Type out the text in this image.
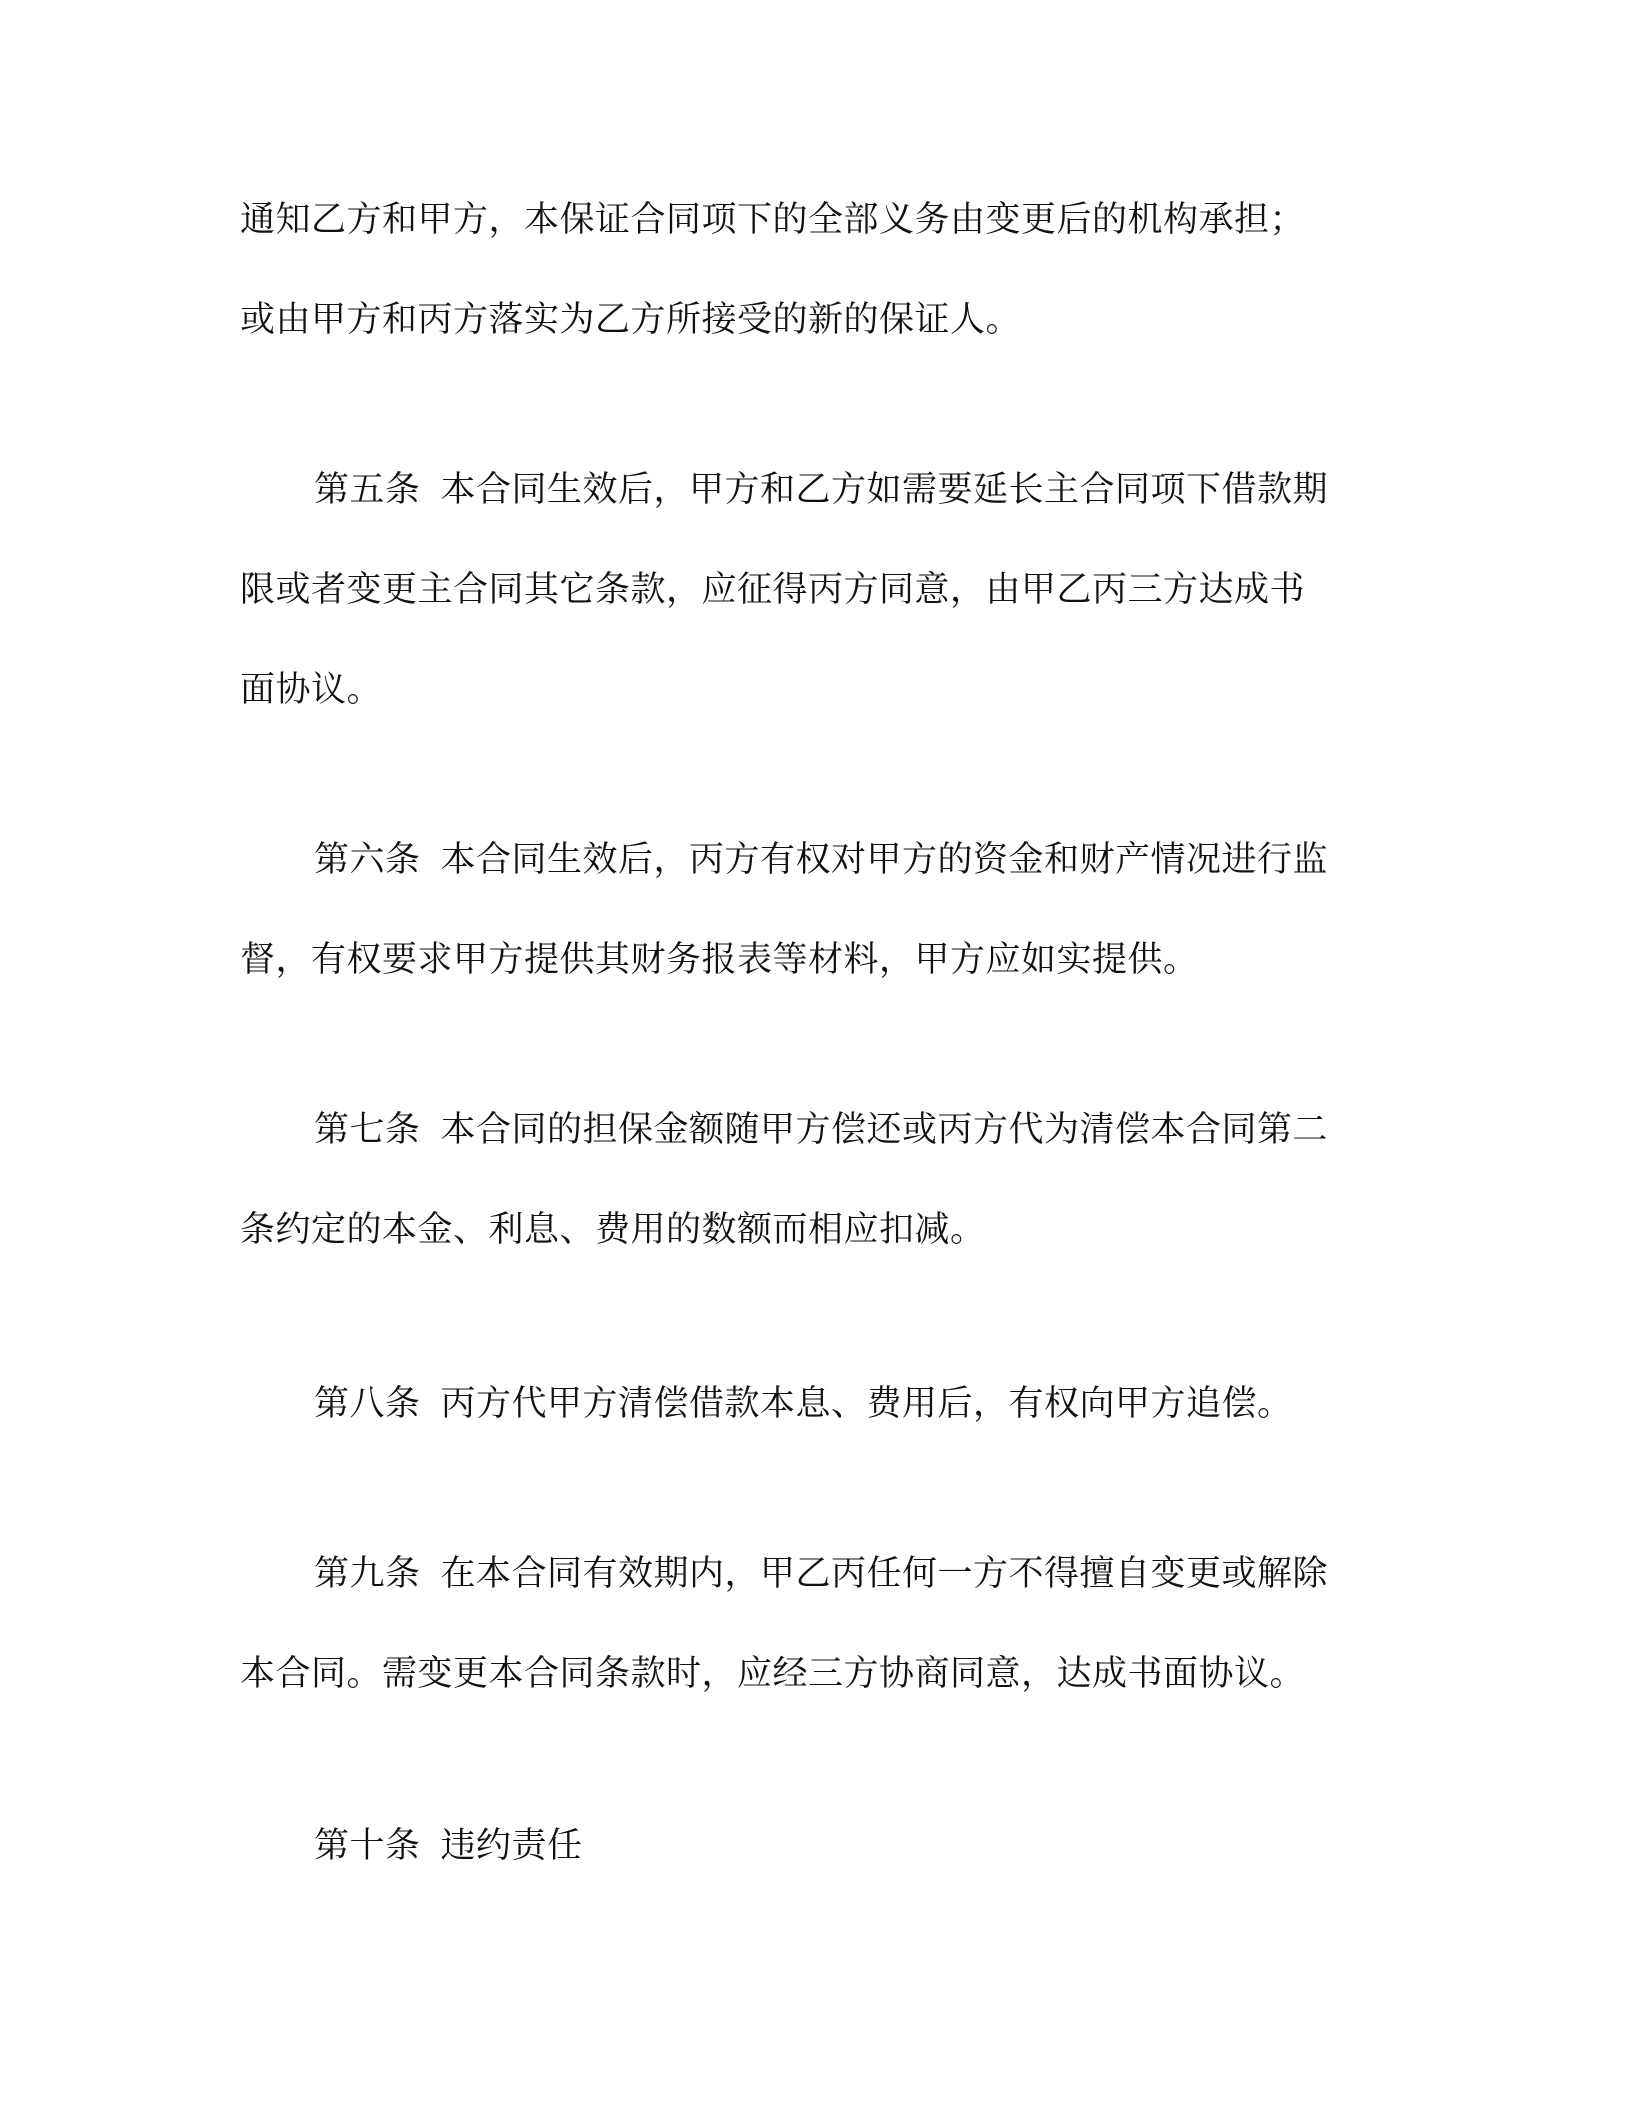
通知乙方和甲方，本保证合同项下的全部义务由变更后的机构承担；
或由甲方和丙方落实为乙方所接受的新的保证人。
第五条 本合同生效后，甲方和乙方如需要延长主合同项下借款期
限或者变更主合同其它条款，应征得丙方同意，由甲乙丙三方达成书
面协议。
第六条 本合同生效后，丙方有权对甲方的资金和财产情况进行监
督，有权要求甲方提供其财务报表等材料，甲方应如实提供。
第七条 本合同的担保金额随甲方偿还或丙方代为清偿本合同第二
条约定的本金、利息、费用的数额而相应扣减。
第八条 丙方代甲方清偿借款本息、费用后，有权向甲方追偿。
第九条 在本合同有效期内，甲乙丙任何一方不得擅自变更或解除
本合同。需变更本合同条款时，应经三方协商同意，达成书面协议。
第十条 违约责任
